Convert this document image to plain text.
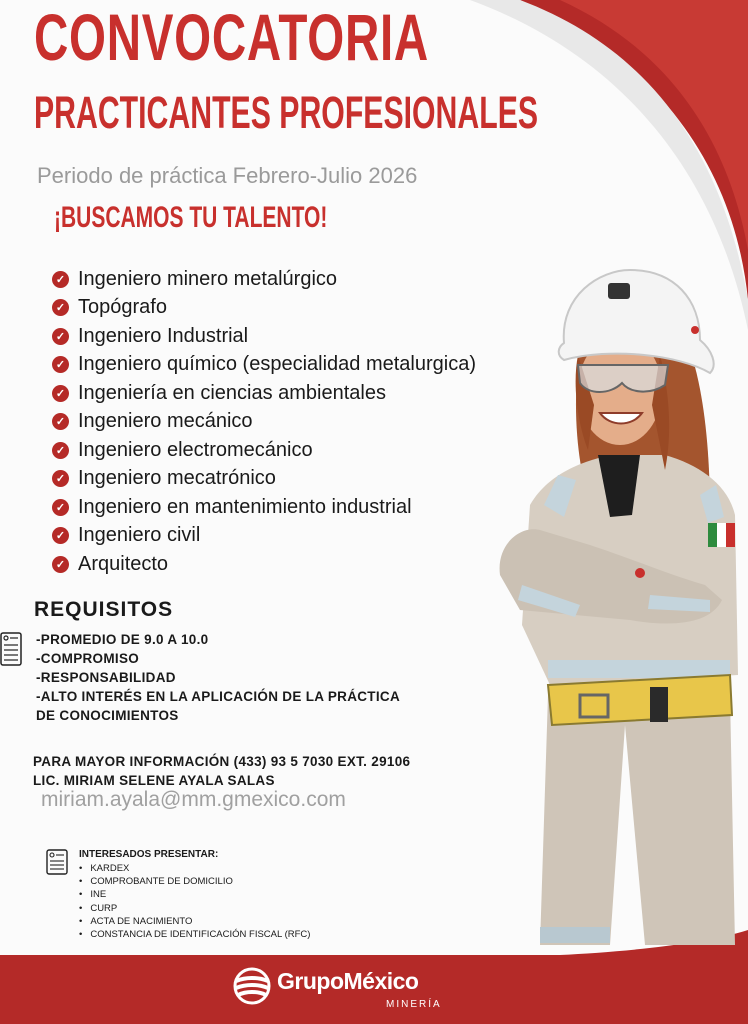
CONVOCATORIA
PRACTICANTES PROFESIONALES
Periodo de práctica Febrero-Julio 2026
¡BUSCAMOS TU TALENTO!
✓ Ingeniero minero metalúrgico
✓ Topógrafo
✓ Ingeniero Industrial
✓ Ingeniero químico (especialidad metalurgica)
✓ Ingeniería en ciencias ambientales
✓ Ingeniero mecánico
✓ Ingeniero electromecánico
✓ Ingeniero mecatrónico
✓ Ingeniero en mantenimiento industrial
✓ Ingeniero civil
✓ Arquitecto
REQUISITOS
-PROMEDIO DE 9.0 A 10.0
-COMPROMISO
-RESPONSABILIDAD
-ALTO INTERÉS EN LA APLICACIÓN DE LA PRÁCTICA
DE CONOCIMIENTOS
PARA MAYOR INFORMACIÓN (433) 93 5 7030 EXT. 29106
LIC. MIRIAM SELENE AYALA SALAS
miriam.ayala@mm.gmexico.com
INTERESADOS PRESENTAR:
• KARDEX
• COMPROBANTE DE DOMICILIO
• INE
• CURP
• ACTA DE NACIMIENTO
• CONSTANCIA DE IDENTIFICACIÓN FISCAL (RFC)
GrupoMéxico
MINERÍA
